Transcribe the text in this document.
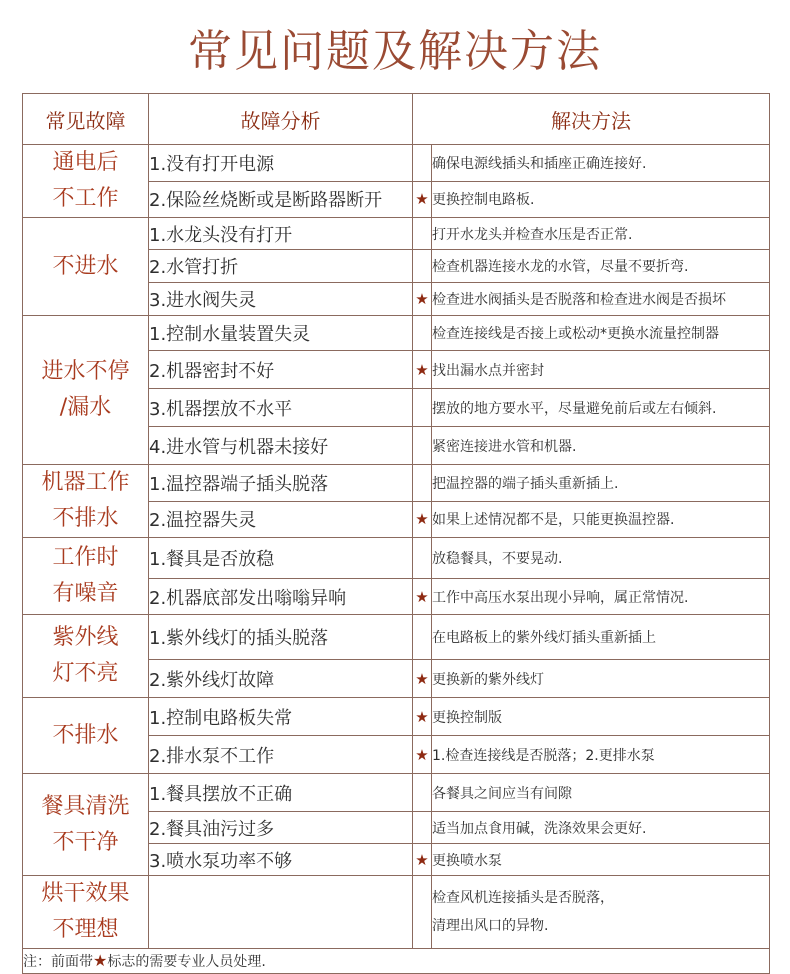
常见问题及解决方法
常见故障	故障分析	解决方法	

通电后
不工作	1.没有打开电源		确保电源线插头和插座正确连接好.
	2.保险丝烧断或是断路器断开	★	更换控制电路板.

不进水	1.水龙头没有打开		打开水龙头并检查水压是否正常.
	2.水管打折		检查机器连接水龙的水管，尽量不要折弯.
	3.进水阀失灵	★	检查进水阀插头是否脱落和检查进水阀是否损坏

进水不停
/漏水	1.控制水量装置失灵		检查连接线是否接上或松动*更换水流量控制器
	2.机器密封不好	★	找出漏水点并密封
	3.机器摆放不水平		摆放的地方要水平，尽量避免前后或左右倾斜.
	4.进水管与机器未接好		紧密连接进水管和机器.

机器工作
不排水	1.温控器端子插头脱落		把温控器的端子插头重新插上.
	2.温控器失灵	★	如果上述情况都不是，只能更换温控器.

工作时
有噪音	1.餐具是否放稳		放稳餐具，不要晃动.
	2.机器底部发出嗡嗡异响	★	工作中高压水泵出现小异响，属正常情况.

紫外线
灯不亮	1.紫外线灯的插头脱落		在电路板上的紫外线灯插头重新插上
	2.紫外线灯故障	★	更换新的紫外线灯

不排水	1.控制电路板失常	★	更换控制版
	2.排水泵不工作	★	1.检查连接线是否脱落；2.更排水泵

餐具清洗
不干净	1.餐具摆放不正确		各餐具之间应当有间隙
	2.餐具油污过多		适当加点食用碱，洗涤效果会更好.
	3.喷水泵功率不够	★	更换喷水泵

烘干效果
不理想			检查风机连接插头是否脱落，
清理出风口的异物.

注：前面带★标志的需要专业人员处理.			
